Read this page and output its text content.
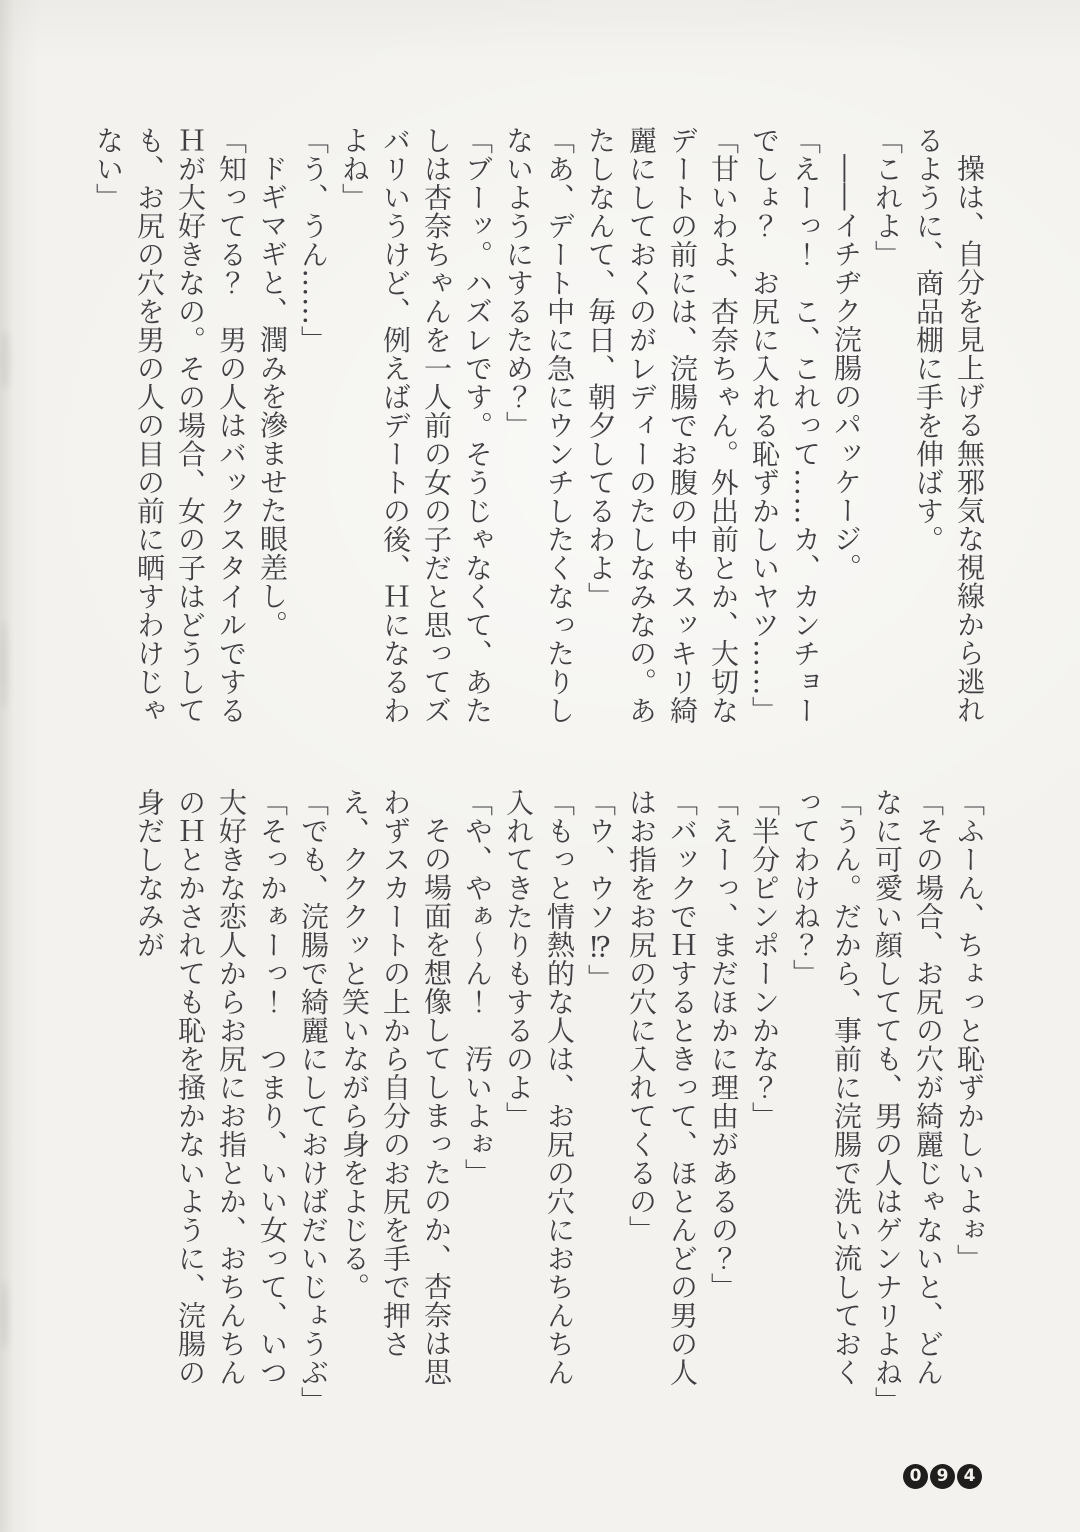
操は、自分を見上げる無邪気な視線から逃れるように、商品棚に手を伸ばす。

「これよ」

――イチヂク浣腸のパッケージ。

「えーっ！　こ、これって……カ、カンチョーでしょ？　お尻に入れる恥ずかしいヤツ……」

「甘いわよ、杏奈ちゃん。外出前とか、大切なデートの前には、浣腸でお腹の中もスッキリ綺麗にしておくのがレディーのたしなみなの。あたしなんて、毎日、朝夕してるわよ」

「あ、デート中に急にウンチしたくなったりしないようにするため？」

「ブーッ。ハズレです。そうじゃなくて、あたしは杏奈ちゃんを一人前の女の子だと思ってズバリいうけど、例えばデートの後、Ｈになるわよね」

「う、うん……」

ドギマギと、潤みを滲ませた眼差し。

「知ってる？　男の人はバックスタイルでするＨが大好きなの。その場合、女の子はどうしても、お尻の穴を男の人の目の前に晒すわけじゃない」

「ふーん、ちょっと恥ずかしいよぉ」

「その場合、お尻の穴が綺麗じゃないと、どんなに可愛い顔してても、男の人はゲンナリよね」

「うん。だから、事前に浣腸で洗い流しておくってわけね？」

「半分ピンポーンかな？」

「えーっ、まだほかに理由があるの？」

「バックでＨするときって、ほとんどの男の人はお指をお尻の穴に入れてくるの」

「ウ、ウソ⁉」

「もっと情熱的な人は、お尻の穴におちんちん入れてきたりもするのよ」

「や、やぁ〜ん！　汚いよぉ」

その場面を想像してしまったのか、杏奈は思わずスカートの上から自分のお尻を手で押さえ、クククッと笑いながら身をよじる。

「でも、浣腸で綺麗にしておけばだいじょうぶ」

「そっかぁーっ！　つまり、いい女って、いつ大好きな恋人からお尻にお指とか、おちんちんのＨとかされても恥を掻かないように、浣腸の身だしなみが

0 9 4
